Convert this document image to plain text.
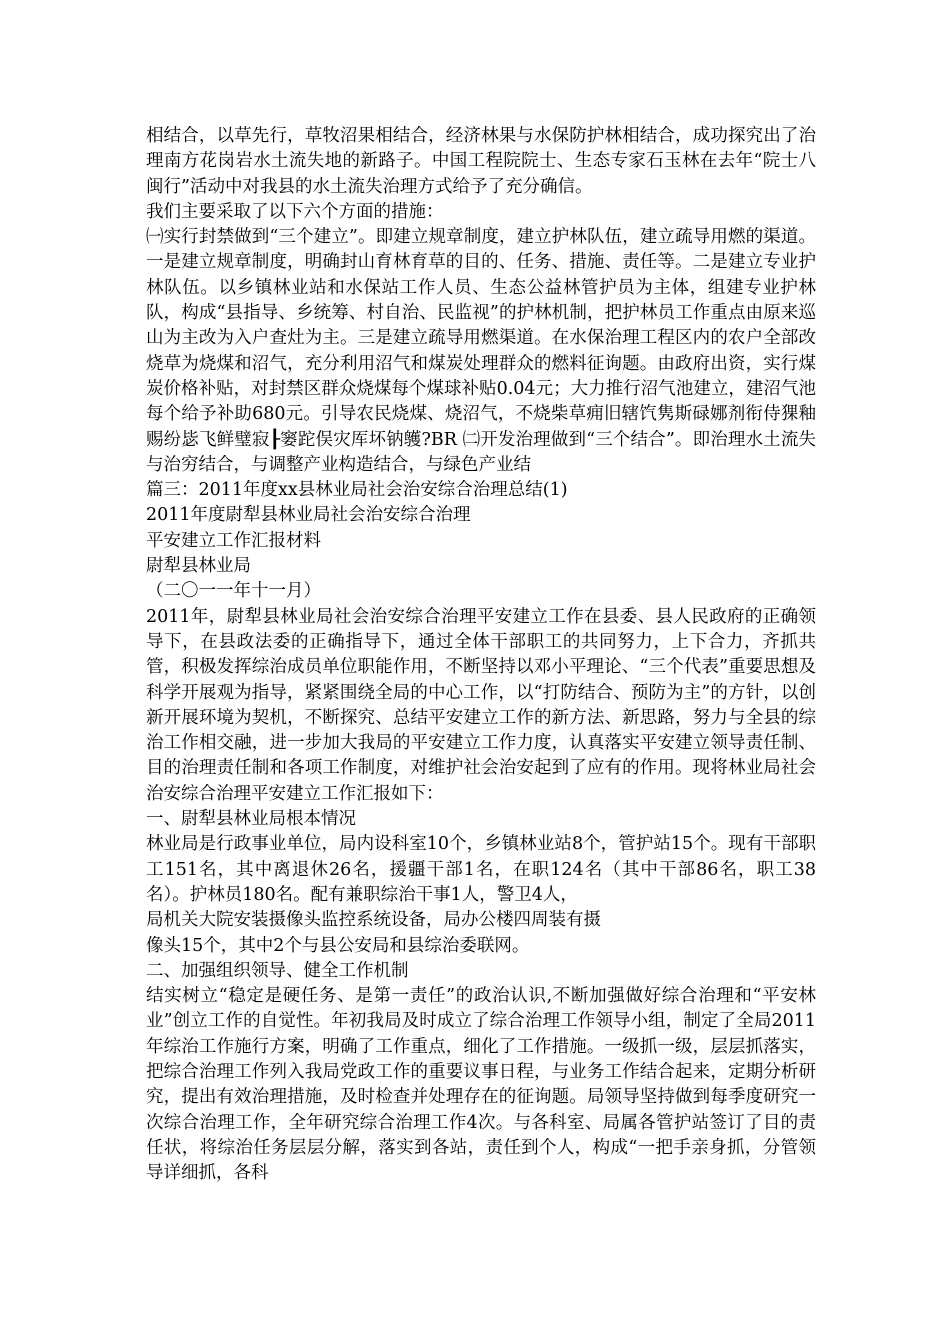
相结合，以草先行，草牧沼果相结合，经济林果与水保防护林相结合，成功探究出了治理南方花岗岩水土流失地的新路子。中国工程院院士、生态专家石玉林在去年“院士八闽行”活动中对我县的水土流失治理方式给予了充分确信。

我们主要采取了以下六个方面的措施：

㈠实行封禁做到“三个建立”。即建立规章制度，建立护林队伍，建立疏导用燃的渠道。一是建立规章制度，明确封山育林育草的目的、任务、措施、责任等。二是建立专业护林队伍。以乡镇林业站和水保站工作人员、生态公益林管护员为主体，组建专业护林队，构成“县指导、乡统筹、村自治、民监视”的护林机制，把护林员工作重点由原来巡山为主改为入户查灶为主。三是建立疏导用燃渠道。在水保治理工程区内的农户全部改烧草为烧煤和沼气，充分利用沼气和煤炭处理群众的燃料征询题。由政府出资，实行煤炭价格补贴，对封禁区群众烧煤每个煤球补贴0.04元；大力推行沼气池建立，建沼气池每个给予补助680元。引导农民烧煤、烧沼气，不烧柴草痈旧辖饩隽斯碌娜剂衔侍猓釉赐纷毖飞鲜璧寂┠窭跎俣灾厍坏钠鹱?BR ㈡开发治理做到“三个结合”。即治理水土流失与治穷结合，与调整产业构造结合，与绿色产业结

篇三：2011年度xx县林业局社会治安综合治理总结(1)

2011年度尉犁县林业局社会治安综合治理

平安建立工作汇报材料

尉犁县林业局

（二〇一一年十一月）

2011年，尉犁县林业局社会治安综合治理平安建立工作在县委、县人民政府的正确领导下，在县政法委的正确指导下，通过全体干部职工的共同努力，上下合力，齐抓共管，积极发挥综治成员单位职能作用，不断坚持以邓小平理论、“三个代表”重要思想及科学开展观为指导，紧紧围绕全局的中心工作，以“打防结合、预防为主”的方针，以创新开展环境为契机，不断探究、总结平安建立工作的新方法、新思路，努力与全县的综治工作相交融，进一步加大我局的平安建立工作力度，认真落实平安建立领导责任制、目的治理责任制和各项工作制度，对维护社会治安起到了应有的作用。现将林业局社会治安综合治理平安建立工作汇报如下：

一、尉犁县林业局根本情况

林业局是行政事业单位，局内设科室10个，乡镇林业站8个，管护站15个。现有干部职工151名，其中离退休26名，援疆干部1名，在职124名（其中干部86名，职工38名）。护林员180名。配有兼职综治干事1人，警卫4人，

局机关大院安装摄像头监控系统设备，局办公楼四周装有摄

像头15个，其中2个与县公安局和县综治委联网。

二、加强组织领导、健全工作机制

结实树立“稳定是硬任务、是第一责任”的政治认识,不断加强做好综合治理和“平安林业”创立工作的自觉性。年初我局及时成立了综合治理工作领导小组，制定了全局2011年综治工作施行方案，明确了工作重点，细化了工作措施。一级抓一级，层层抓落实，把综合治理工作列入我局党政工作的重要议事日程，与业务工作结合起来，定期分析研究，提出有效治理措施，及时检查并处理存在的征询题。局领导坚持做到每季度研究一次综合治理工作，全年研究综合治理工作4次。与各科室、局属各管护站签订了目的责任状，将综治任务层层分解，落实到各站，责任到个人，构成“一把手亲身抓，分管领导详细抓，各科
